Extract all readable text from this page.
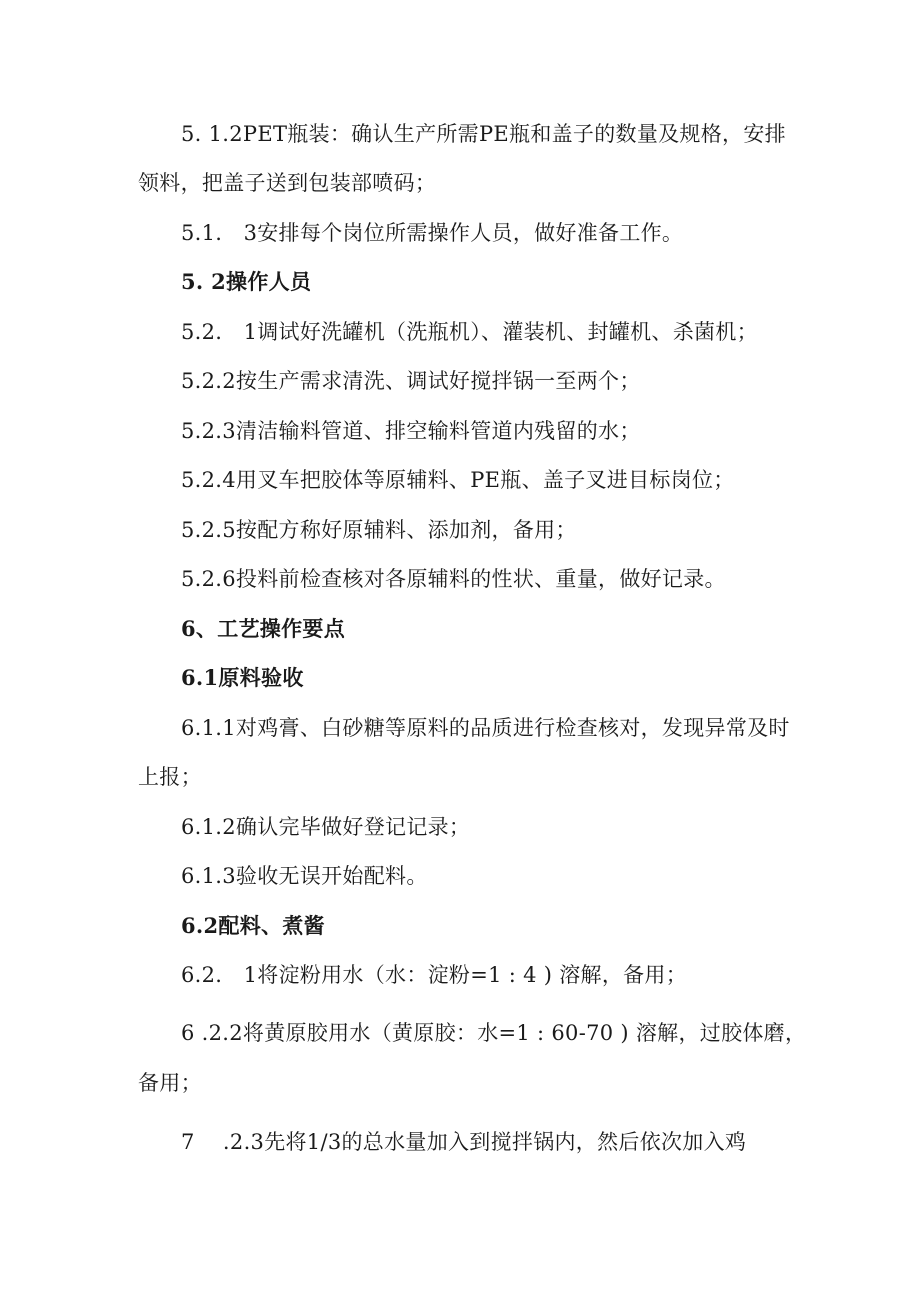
5. 1.2PET瓶装：确认生产所需PE瓶和盖子的数量及规格，安排
领料，把盖子送到包装部喷码；
5.1.　3安排每个岗位所需操作人员，做好准备工作。
5. 2操作人员
5.2.　1调试好洗罐机（洗瓶机）、灌装机、封罐机、杀菌机；
5.2.2按生产需求清洗、调试好搅拌锅一至两个；
5.2.3清洁输料管道、排空输料管道内残留的水；
5.2.4用叉车把胶体等原辅料、PE瓶、盖子叉进目标岗位；
5.2.5按配方称好原辅料、添加剂，备用；
5.2.6投料前检查核对各原辅料的性状、重量，做好记录。
6、工艺操作要点
6.1原料验收
6.1.1对鸡膏、白砂糖等原料的品质进行检查核对，发现异常及时
上报；
6.1.2确认完毕做好登记记录；
6.1.3验收无误开始配料。
6.2配料、煮酱
6.2.　1将淀粉用水（水：淀粉=1 : 4 ) 溶解，备用；
6 .2.2将黄原胶用水（黄原胶：水=1 : 60-70 ) 溶解，过胶体磨，
备用；
7　 .2.3先将1/3的总水量加入到搅拌锅内，然后依次加入鸡
